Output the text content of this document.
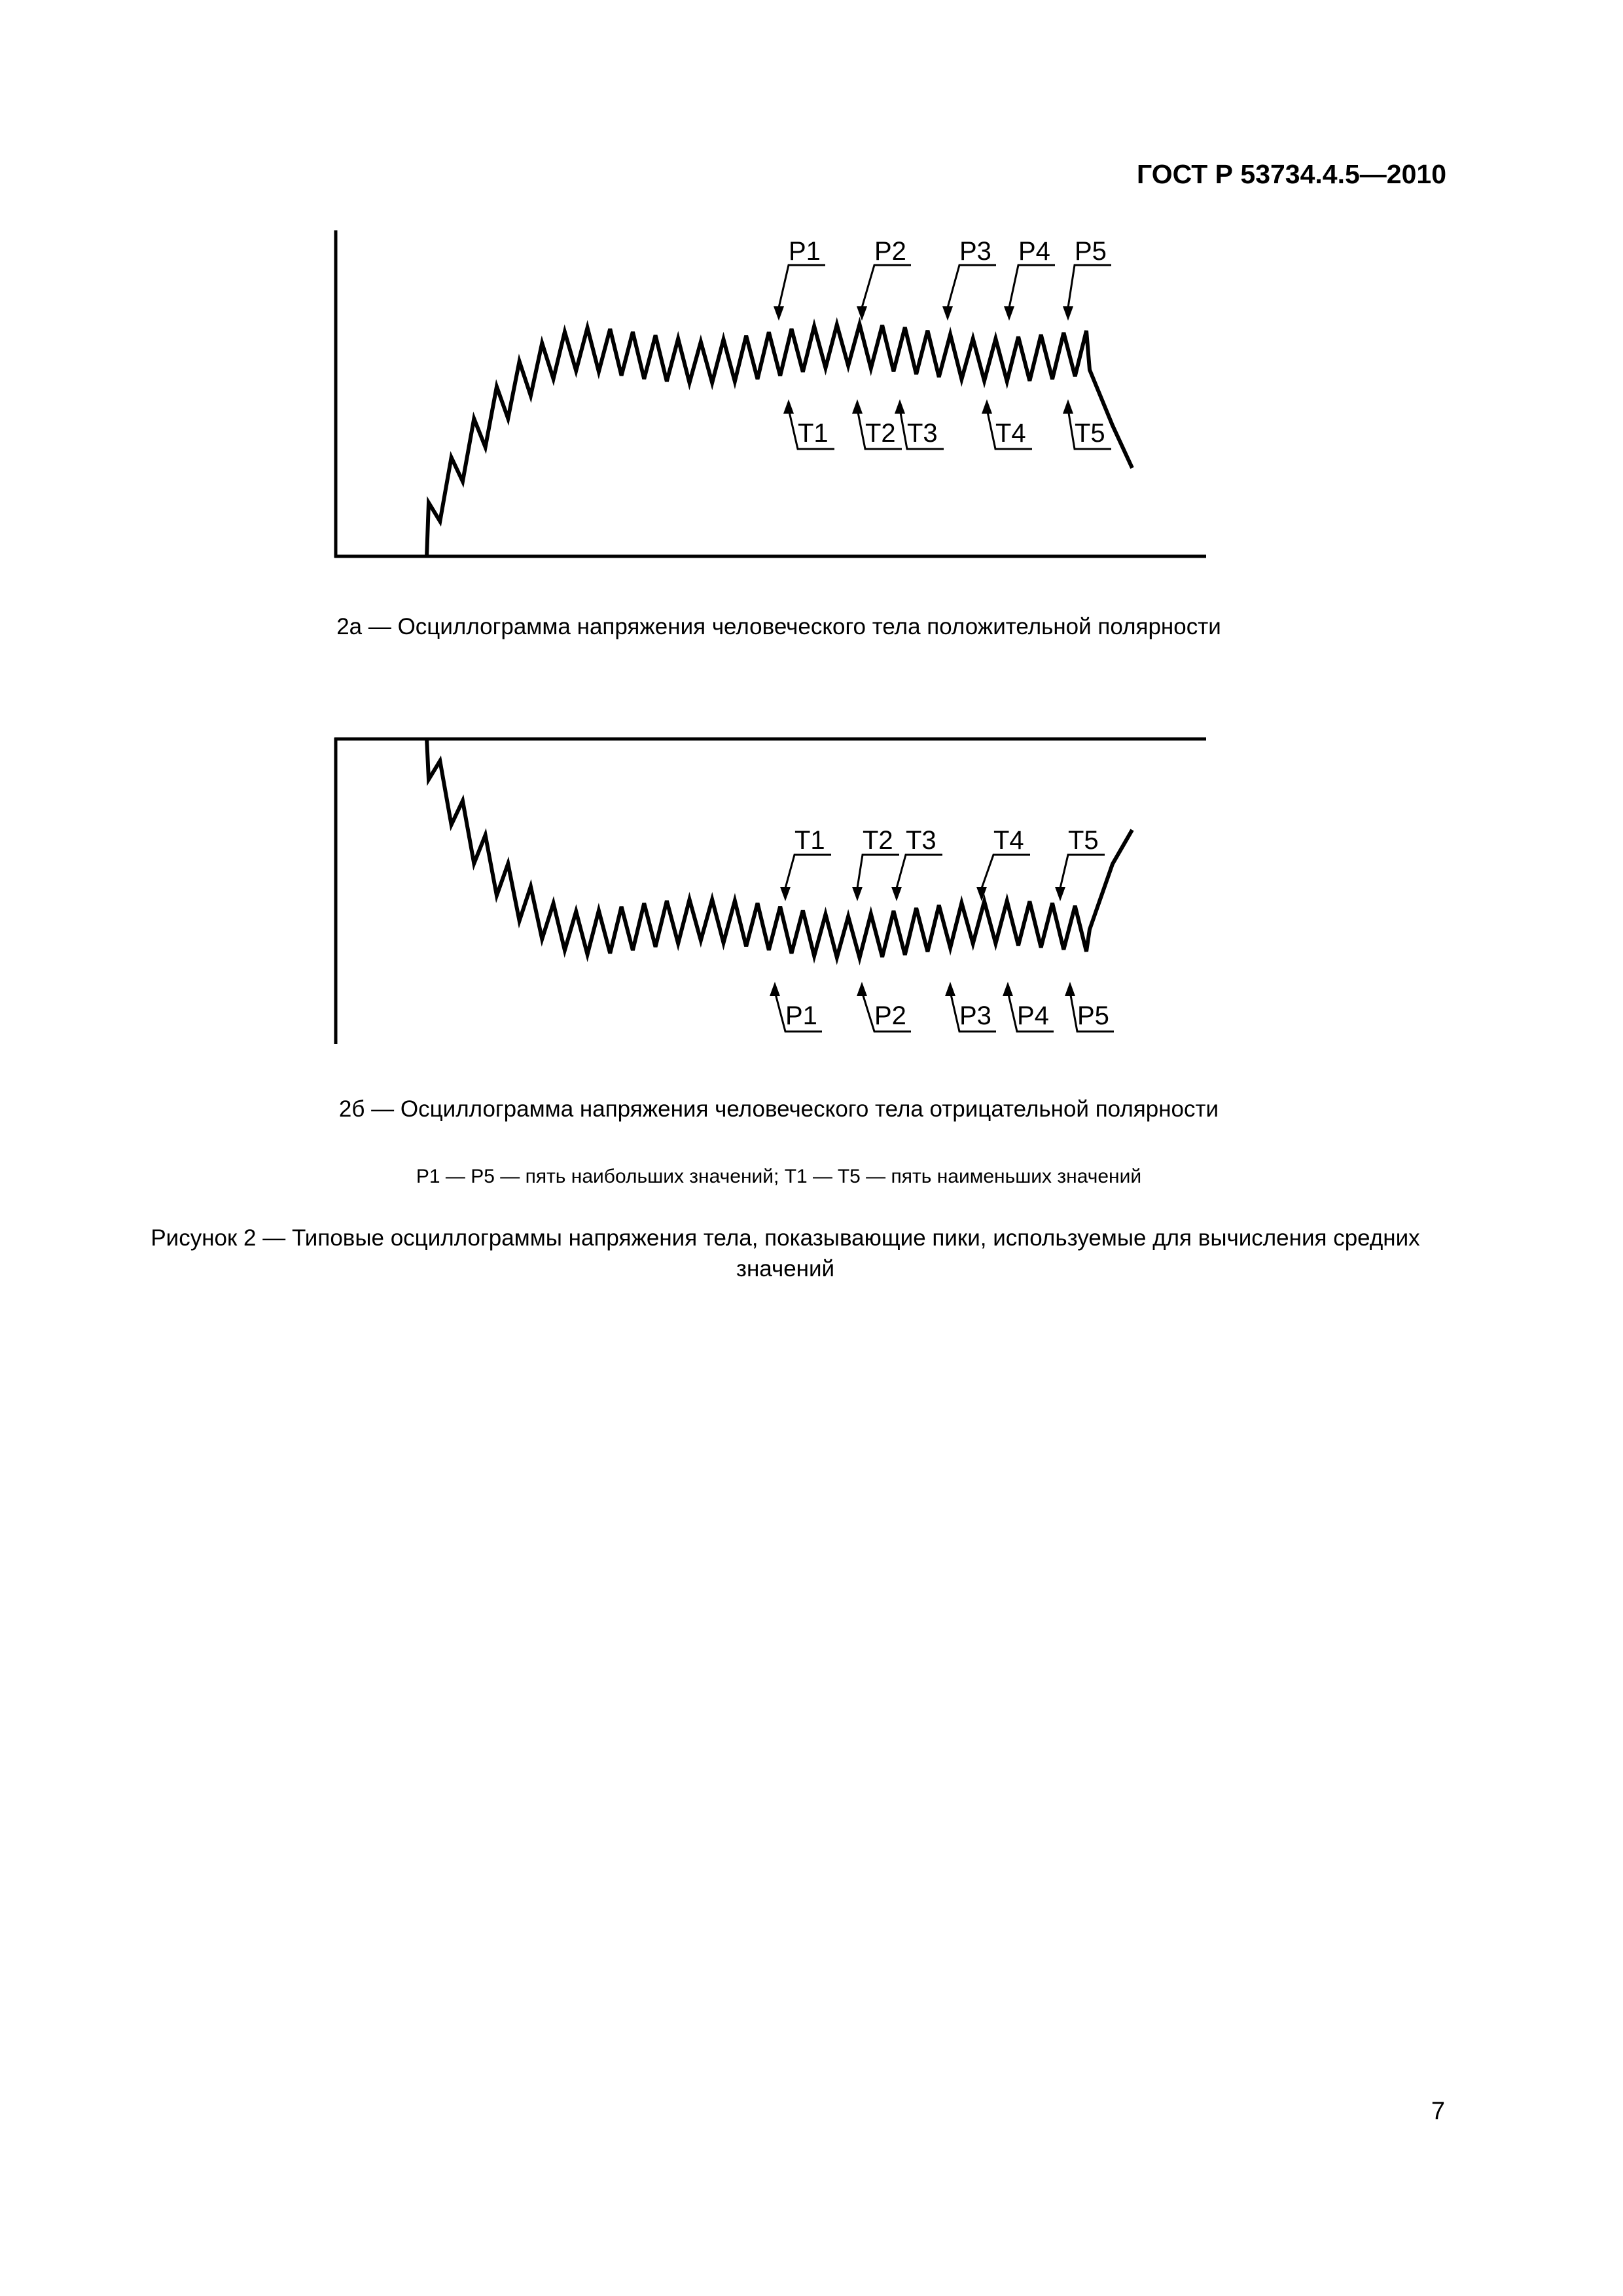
ГОСТ Р 53734.4.5—2010
P1 P2 P3 P4 P5
T1 T2 T3 T4 T5
T1 T2 T3 T4 T5
P1 P2 P3 P4 P5
2а — Осциллограмма напряжения человеческого тела положительной полярности
2б — Осциллограмма напряжения человеческого тела отрицательной полярности
P1 — P5 — пять наибольших значений; T1 — T5 — пять наименьших значений
Рисунок 2 — Типовые осциллограммы напряжения тела, показывающие пики, используемые для вычисления средних значений
7
